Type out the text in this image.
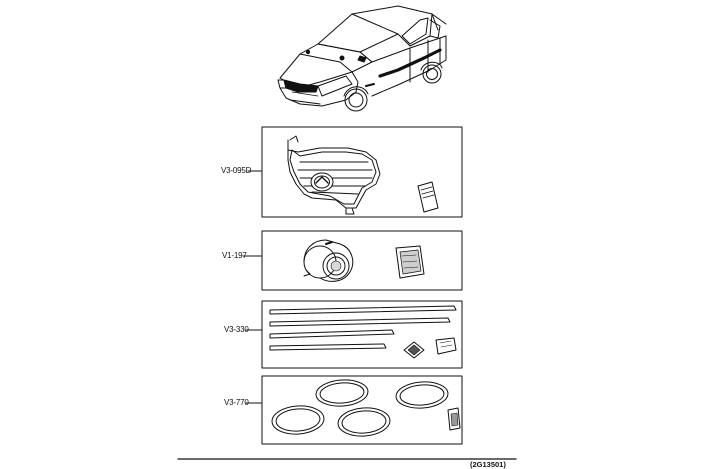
V3-095D
V1-197
V3-330
V3-770
(2G13501)
